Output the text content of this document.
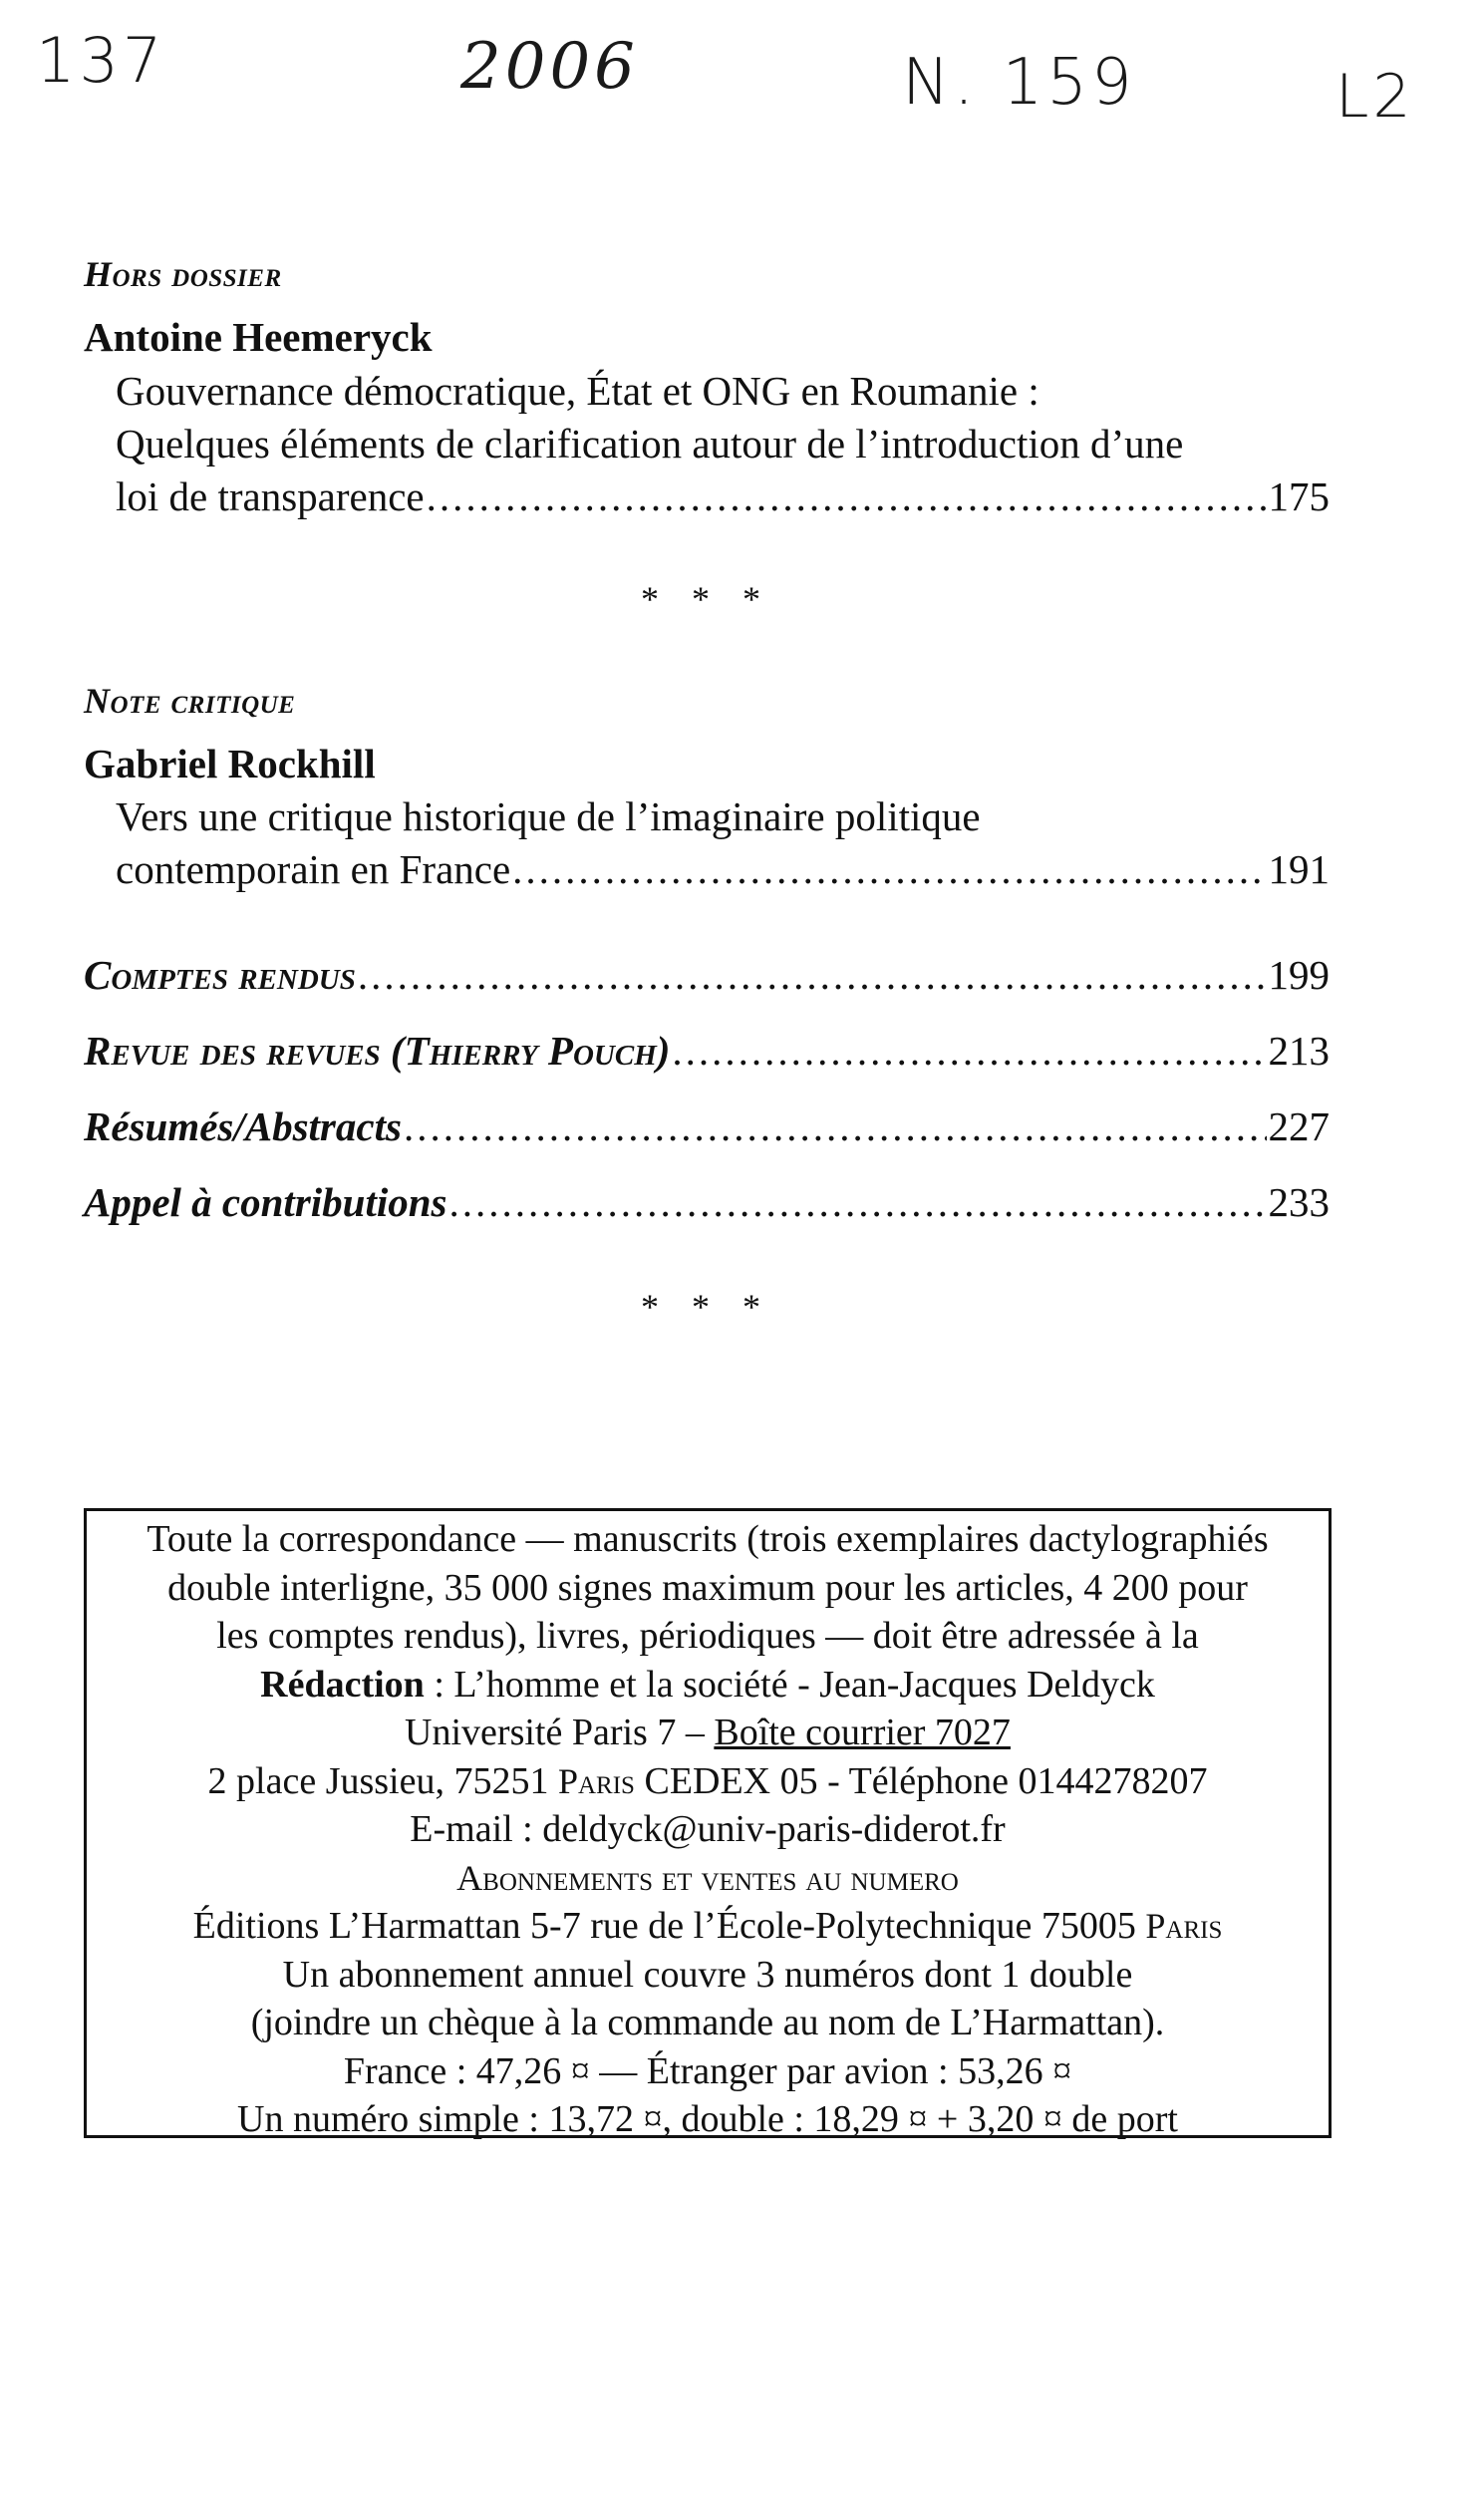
137	2006	N. 159	L2
Hors dossier
Antoine Heemeryck
Gouvernance démocratique, État et ONG en Roumanie :
Quelques éléments de clarification autour de l’introduction d’une
loi de transparence .....	175
* * *
Note critique
Gabriel Rockhill
Vers une critique historique de l’imaginaire politique
contemporain en France .....	191
Comptes rendus .....	199
Revue des revues (Thierry Pouch) .....	213
Résumés/Abstracts .....	227
Appel à contributions .....	233
* * *
Toute la correspondance — manuscrits (trois exemplaires dactylographiés
double interligne, 35 000 signes maximum pour les articles, 4 200 pour
les comptes rendus), livres, périodiques — doit être adressée à la
Rédaction : L’homme et la société - Jean-Jacques Deldyck
Université Paris 7 – Boîte courrier 7027
2 place Jussieu, 75251 Paris CEDEX 05 - Téléphone 0144278207
E-mail : deldyck@univ-paris-diderot.fr
Abonnements et ventes au numero
Éditions L’Harmattan 5-7 rue de l’École-Polytechnique 75005 Paris
Un abonnement annuel couvre 3 numéros dont 1 double
(joindre un chèque à la commande au nom de L’Harmattan).
France : 47,26 ¤ — Étranger par avion : 53,26 ¤
Un numéro simple : 13,72 ¤, double : 18,29 ¤ + 3,20 ¤ de port
